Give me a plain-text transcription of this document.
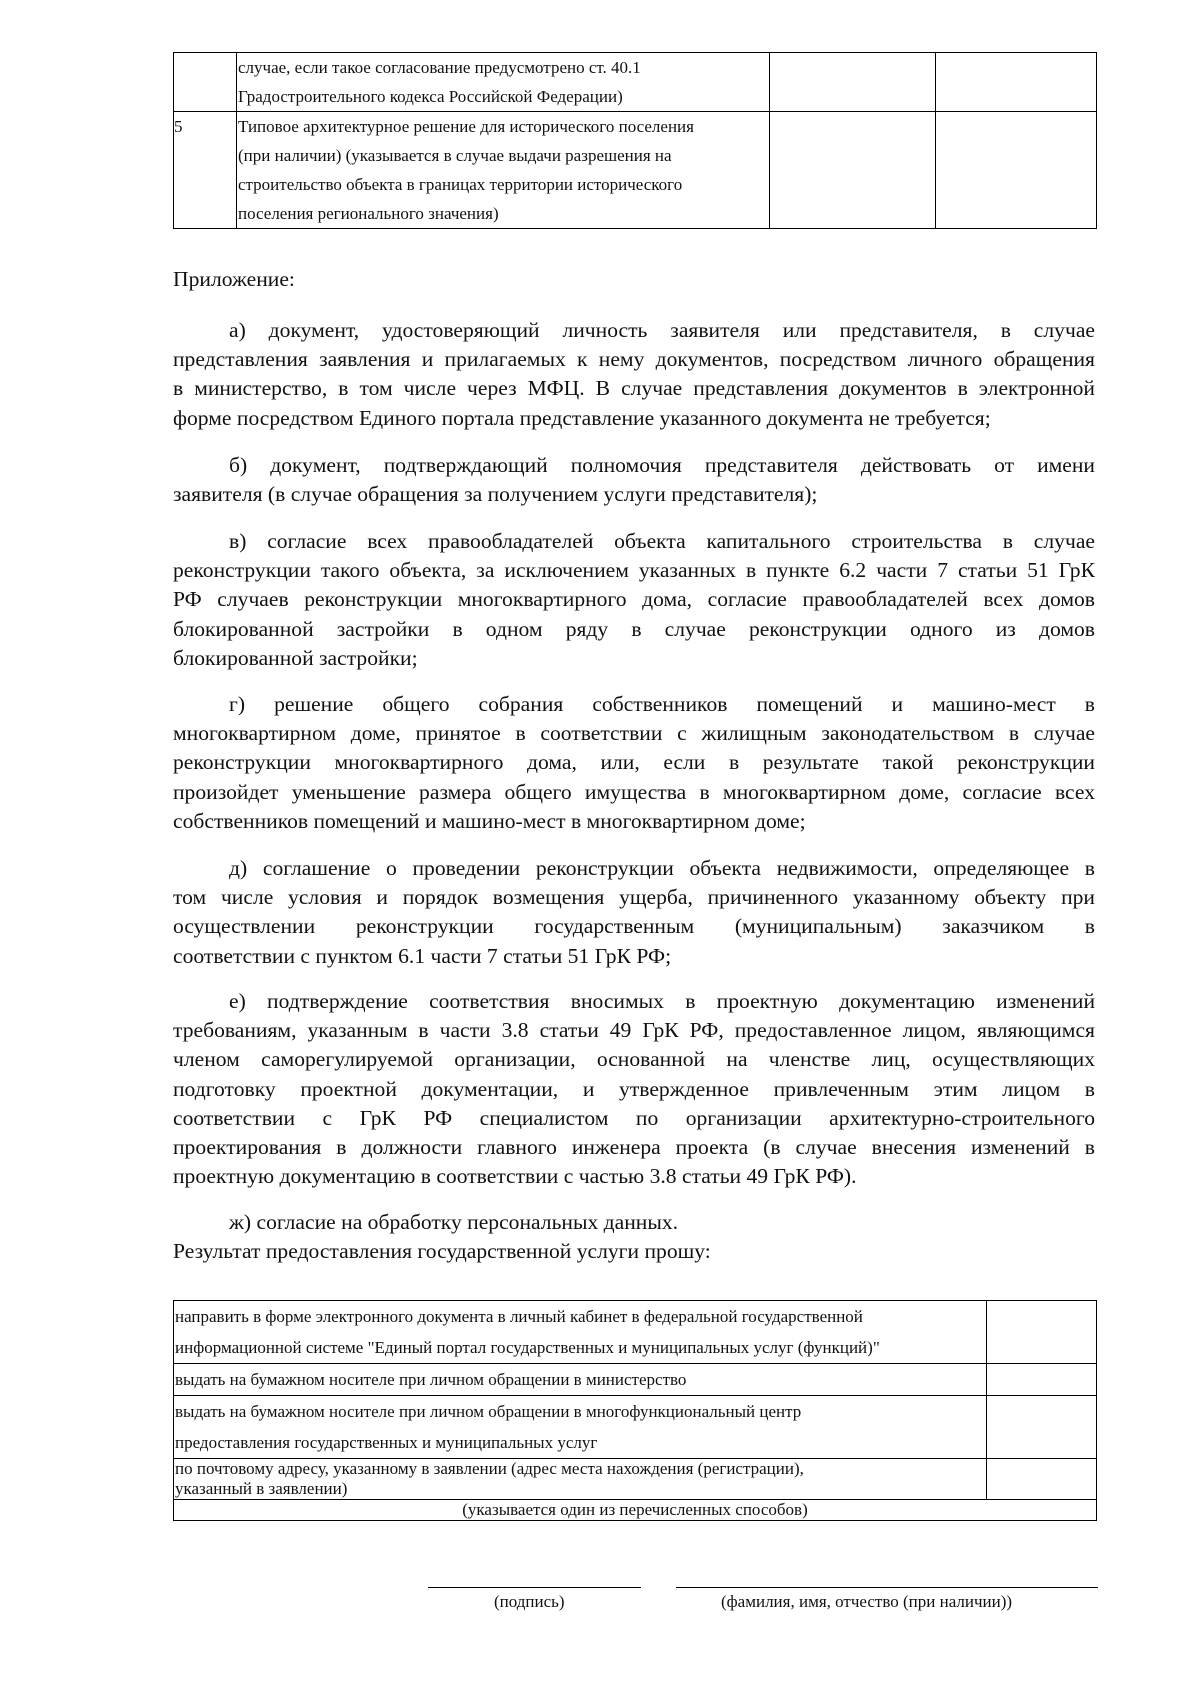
	случае, если такое согласование предусмотрено ст. 40.1
Градостроительного кодекса Российской Федерации)		

5	Типовое архитектурное решение для исторического поселения
(при наличии) (указывается в случае выдачи разрешения на
строительство объекта в границах территории исторического
поселения регионального значения)		

Приложение:

а) документ, удостоверяющий личность заявителя или представителя, в случае
представления заявления и прилагаемых к нему документов, посредством личного обращения
в министерство, в том числе через МФЦ. В случае представления документов в электронной
форме посредством Единого портала представление указанного документа не требуется;
б) документ, подтверждающий полномочия представителя действовать от имени
заявителя (в случае обращения за получением услуги представителя);
в) согласие всех правообладателей объекта капитального строительства в случае
реконструкции такого объекта, за исключением указанных в пункте 6.2 части 7 статьи 51 ГрК
РФ случаев реконструкции многоквартирного дома, согласие правообладателей всех домов
блокированной застройки в одном ряду в случае реконструкции одного из домов
блокированной застройки;
г) решение общего собрания собственников помещений и машино-мест в
многоквартирном доме, принятое в соответствии с жилищным законодательством в случае
реконструкции многоквартирного дома, или, если в результате такой реконструкции
произойдет уменьшение размера общего имущества в многоквартирном доме, согласие всех
собственников помещений и машино-мест в многоквартирном доме;
д) соглашение о проведении реконструкции объекта недвижимости, определяющее в
том числе условия и порядок возмещения ущерба, причиненного указанному объекту при
осуществлении реконструкции государственным (муниципальным) заказчиком в
соответствии с пунктом 6.1 части 7 статьи 51 ГрК РФ;
е) подтверждение соответствия вносимых в проектную документацию изменений
требованиям, указанным в части 3.8 статьи 49 ГрК РФ, предоставленное лицом, являющимся
членом саморегулируемой организации, основанной на членстве лиц, осуществляющих
подготовку проектной документации, и утвержденное привлеченным этим лицом в
соответствии с ГрК РФ специалистом по организации архитектурно-строительного
проектирования в должности главного инженера проекта (в случае внесения изменений в
проектную документацию в соответствии с частью 3.8 статьи 49 ГрК РФ).

ж) согласие на обработку персональных данных.

Результат предоставления государственной услуги прошу:

направить в форме электронного документа в личный кабинет в федеральной государственной
информационной системе "Единый портал государственных и муниципальных услуг (функций)"	

выдать на бумажном носителе при личном обращении в министерство	

выдать на бумажном носителе при личном обращении в многофункциональный центр
предоставления государственных и муниципальных услуг	

по почтовому адресу, указанному в заявлении (адрес места нахождения (регистрации),
указанный в заявлении)	

(указывается один из перечисленных способов)	
(подпись)	(фамилия, имя, отчество (при наличии))
